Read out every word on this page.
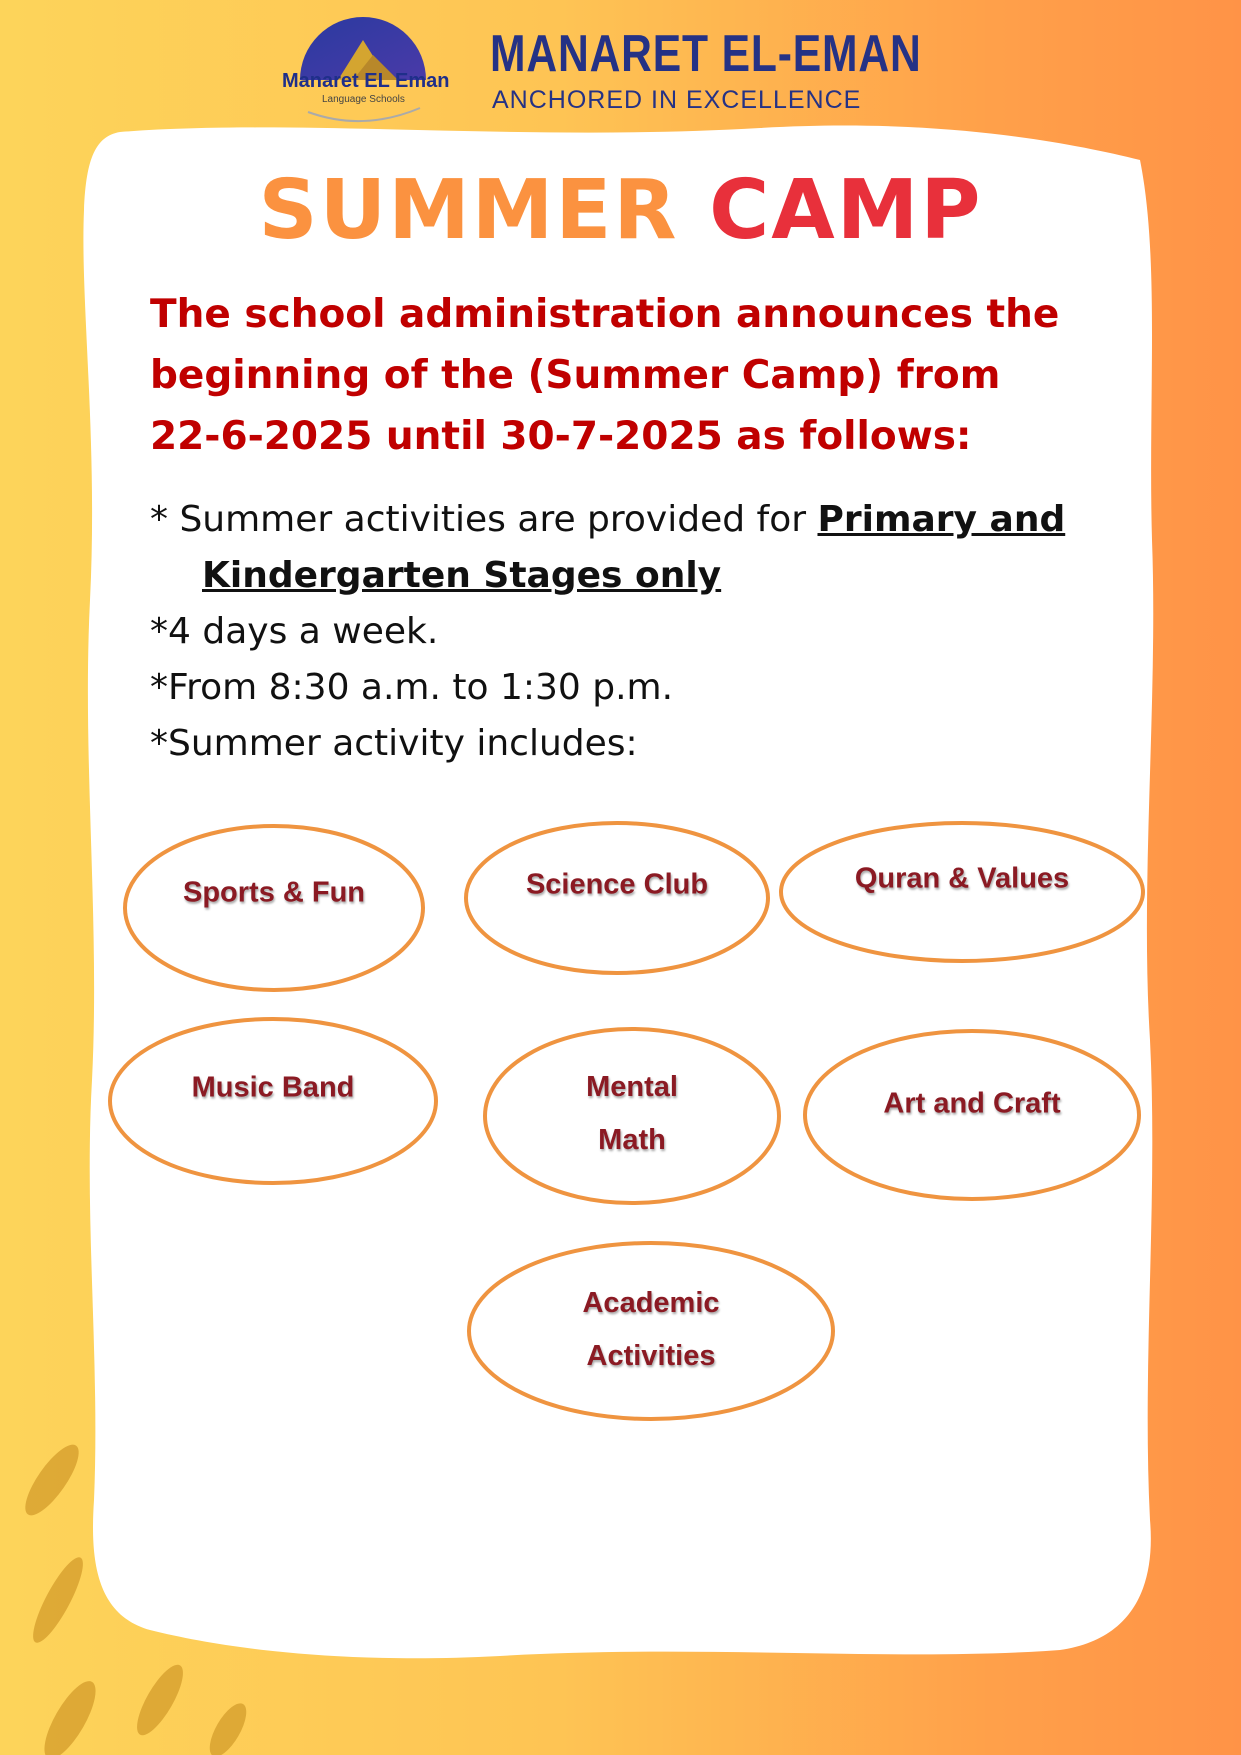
Manaret EL Eman
Language Schools
MANARET EL-EMAN
ANCHORED IN EXCELLENCE
SUMMER CAMP
The school administration announces the
beginning of the (Summer Camp) from
22-6-2025 until 30-7-2025 as follows:
* Summer activities are provided for Primary and
Kindergarten Stages only
*4 days a week.
*From 8:30 a.m. to 1:30 p.m.
*Summer activity includes:
Sports & Fun	Science Club	Quran & Values
Music Band	Mental
Math
Art and Craft
Academic
Activities
